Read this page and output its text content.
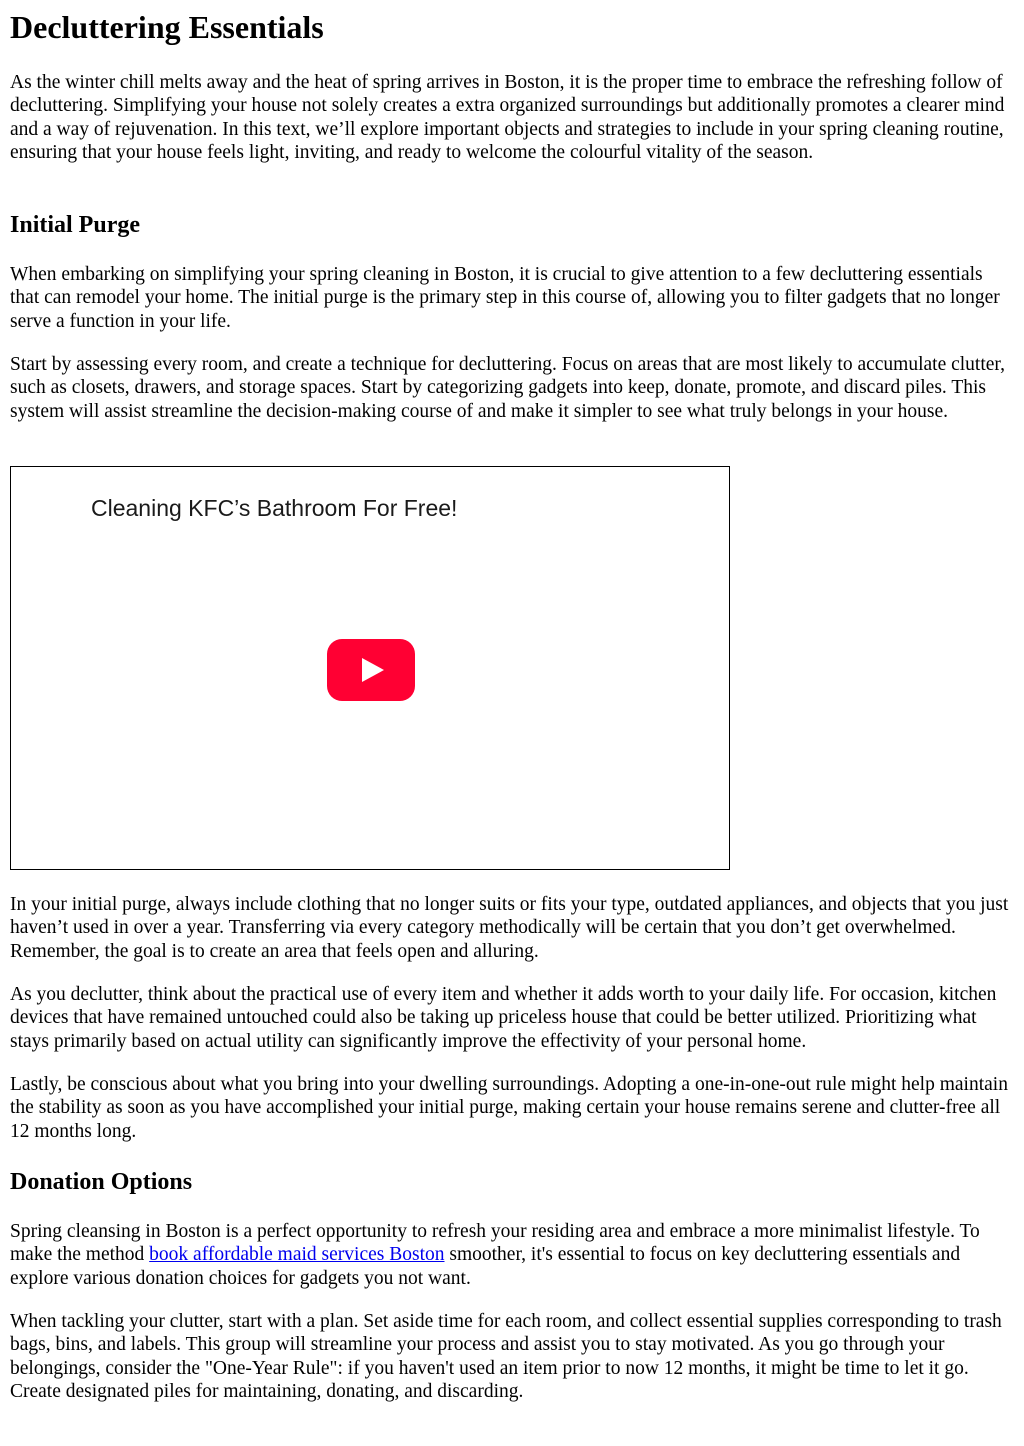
Decluttering Essentials

As the winter chill melts away and the heat of spring arrives in Boston, it is the proper time to embrace the refreshing follow of decluttering. Simplifying your house not solely creates a extra organized surroundings but additionally promotes a clearer mind and a way of rejuvenation. In this text, we’ll explore important objects and strategies to include in your spring cleaning routine, ensuring that your house feels light, inviting, and ready to welcome the colourful vitality of the season.

Initial Purge

When embarking on simplifying your spring cleaning in Boston, it is crucial to give attention to a few decluttering essentials that can remodel your home. The initial purge is the primary step in this course of, allowing you to filter gadgets that no longer serve a function in your life.

Start by assessing every room, and create a technique for decluttering. Focus on areas that are most likely to accumulate clutter, such as closets, drawers, and storage spaces. Start by categorizing gadgets into keep, donate, promote, and discard piles. This system will assist streamline the decision-making course of and make it simpler to see what truly belongs in your house.

Cleaning KFC’s Bathroom For Free!

In your initial purge, always include clothing that no longer suits or fits your type, outdated appliances, and objects that you just haven’t used in over a year. Transferring via every category methodically will be certain that you don’t get overwhelmed. Remember, the goal is to create an area that feels open and alluring.

As you declutter, think about the practical use of every item and whether it adds worth to your daily life. For occasion, kitchen devices that have remained untouched could also be taking up priceless house that could be better utilized. Prioritizing what stays primarily based on actual utility can significantly improve the effectivity of your personal home.

Lastly, be conscious about what you bring into your dwelling surroundings. Adopting a one-in-one-out rule might help maintain the stability as soon as you have accomplished your initial purge, making certain your house remains serene and clutter-free all 12 months long.

Donation Options

Spring cleansing in Boston is a perfect opportunity to refresh your residing area and embrace a more minimalist lifestyle. To make the method book affordable maid services Boston smoother, it's essential to focus on key decluttering essentials and explore various donation choices for gadgets you not want.

When tackling your clutter, start with a plan. Set aside time for each room, and collect essential supplies corresponding to trash bags, bins, and labels. This group will streamline your process and assist you to stay motivated. As you go through your belongings, consider the "One-Year Rule": if you haven't used an item prior to now 12 months, it might be time to let it go. Create designated piles for maintaining, donating, and discarding.
